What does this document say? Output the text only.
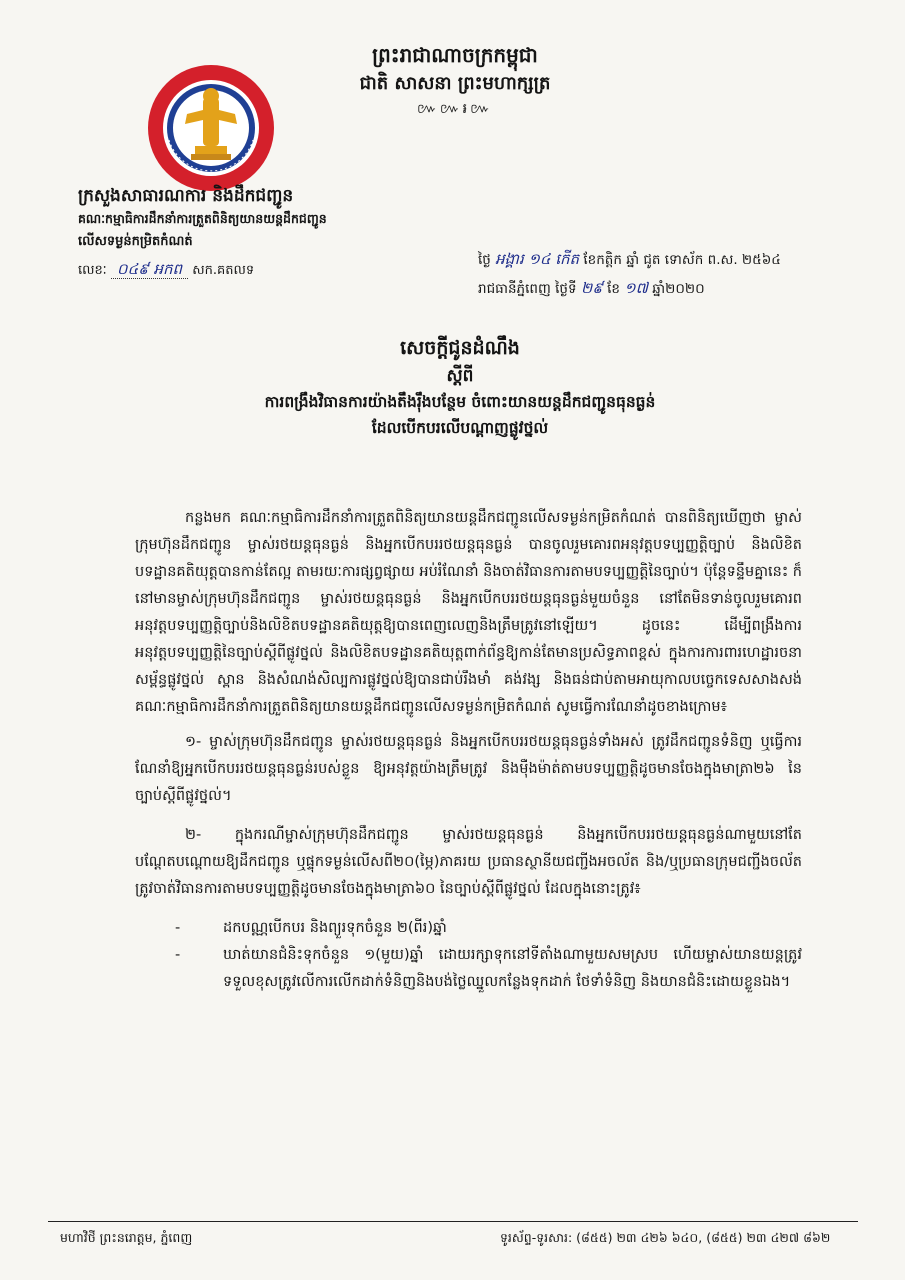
ព្រះរាជាណាចក្រកម្ពុជា
ជាតិ សាសនា ព្រះមហាក្សត្រ
៚៚៛៚
ក្រសួងសាធារណការ និងដឹកជញ្ជូន
គណៈកម្មាធិការដឹកនាំការត្រួតពិនិត្យយានយន្តដឹកជញ្ជូន
លើសទម្ងន់កម្រិតកំណត់
លេខៈ ០៤៩ អកព សក.គតលទ
ថ្ងៃ អង្គារ ១៤ កើត ខែកត្តិក ឆ្នាំ ជូត ទោស័ក ព.ស. ២៥៦៤
រាជធានីភ្នំពេញ ថ្ងៃទី ២៩ ខែ ១៧ ឆ្នាំ២០២០
សេចក្តីជូនដំណឹង
ស្តីពី
ការពង្រឹងវិធានការយ៉ាងតឹងរ៉ឹងបន្ថែម ចំពោះយានយន្តដឹកជញ្ជូនធុនធ្ងន់
ដែលបើកបរលើបណ្តាញផ្លូវថ្នល់

កន្លងមក គណៈកម្មាធិការដឹកនាំការត្រួតពិនិត្យយានយន្តដឹកជញ្ជូនលើសទម្ងន់កម្រិតកំណត់ បានពិនិត្យឃើញថា ម្ចាស់ក្រុមហ៊ុនដឹកជញ្ជូន ម្ចាស់រថយន្តធុនធ្ងន់ និងអ្នកបើកបររថយន្តធុនធ្ងន់ បានចូលរួមគោរពអនុវត្តបទប្បញ្ញត្តិច្បាប់ និងលិខិតបទដ្ឋានគតិយុត្តបានកាន់តែល្អ តាមរយៈការផ្សព្វផ្សាយ អប់រំណែនាំ និងចាត់វិធានការតាមបទប្បញ្ញត្តិនៃច្បាប់។ ប៉ុន្តែទន្ទឹមគ្នានេះ ក៏នៅមានម្ចាស់ក្រុមហ៊ុនដឹកជញ្ជូន ម្ចាស់រថយន្តធុនធ្ងន់ និងអ្នកបើកបររថយន្តធុនធ្ងន់មួយចំនួន នៅតែមិនទាន់ចូលរួមគោរពអនុវត្តបទប្បញ្ញត្តិច្បាប់និងលិខិតបទដ្ឋានគតិយុត្តឱ្យបានពេញលេញនិងត្រឹមត្រូវនៅឡើយ។ ដូចនេះ ដើម្បីពង្រឹងការអនុវត្តបទប្បញ្ញត្តិនៃច្បាប់ស្តីពីផ្លូវថ្នល់ និងលិខិតបទដ្ឋានគតិយុត្តពាក់ព័ន្ធឱ្យកាន់តែមានប្រសិទ្ធភាពខ្ពស់ ក្នុងការការពារហេដ្ឋារចនាសម្ព័ន្ធផ្លូវថ្នល់ ស្ពាន និងសំណង់សិល្បការផ្លូវថ្នល់ឱ្យបានជាប់រឹងមាំ គង់វង្ស និងធន់ជាប់តាមអាយុកាលបច្ចេកទេសសាងសង់ គណៈកម្មាធិការដឹកនាំការត្រួតពិនិត្យយានយន្តដឹកជញ្ជូនលើសទម្ងន់កម្រិតកំណត់ សូមធ្វើការណែនាំដូចខាងក្រោម៖

១- ម្ចាស់ក្រុមហ៊ុនដឹកជញ្ជូន ម្ចាស់រថយន្តធុនធ្ងន់ និងអ្នកបើកបររថយន្តធុនធ្ងន់ទាំងអស់ ត្រូវដឹកជញ្ជូនទំនិញ ឬធ្វើការណែនាំឱ្យអ្នកបើកបររថយន្តធុនធ្ងន់របស់ខ្លួន ឱ្យអនុវត្តយ៉ាងត្រឹមត្រូវ និងម៉ឺងម៉ាត់តាមបទប្បញ្ញត្តិដូចមានចែងក្នុងមាត្រា២៦ នៃច្បាប់ស្តីពីផ្លូវថ្នល់។

២- ក្នុងករណីម្ចាស់ក្រុមហ៊ុនដឹកជញ្ជូន ម្ចាស់រថយន្តធុនធ្ងន់ និងអ្នកបើកបររថយន្តធុនធ្ងន់ណាមួយនៅតែបណ្តែតបណ្តោយឱ្យដឹកជញ្ជូន ឬផ្ទុកទម្ងន់លើសពី២០(ម្ភៃ)ភាគរយ ប្រធានស្ថានីយជញ្ជីងអចល័ត និង/ឬប្រធានក្រុមជញ្ជីងចល័តត្រូវចាត់វិធានការតាមបទប្បញ្ញត្តិដូចមានចែងក្នុងមាត្រា៦០ នៃច្បាប់ស្តីពីផ្លូវថ្នល់ ដែលក្នុងនោះត្រូវ៖

-	ដកបណ្ណបើកបរ និងព្យួរទុកចំនួន ២(ពីរ)ឆ្នាំ
-	ឃាត់យានជំនិះទុកចំនួន ១(មួយ)ឆ្នាំ ដោយរក្សាទុកនៅទីតាំងណាមួយសមស្រប ហើយម្ចាស់យានយន្តត្រូវទទួលខុសត្រូវលើការលើកដាក់ទំនិញនិងបង់ថ្លៃឈ្នួលកន្លែងទុកដាក់ ថែទាំទំនិញ និងយានជំនិះដោយខ្លួនឯង។
មហាវិថី ព្រះនរោត្តម, ភ្នំពេញ	ទូរស័ព្ទ-ទូរសារ: (៨៥៥) ២៣ ៤២៦ ៦៤០, (៨៥៥) ២៣ ៤២៧ ៨៦២
